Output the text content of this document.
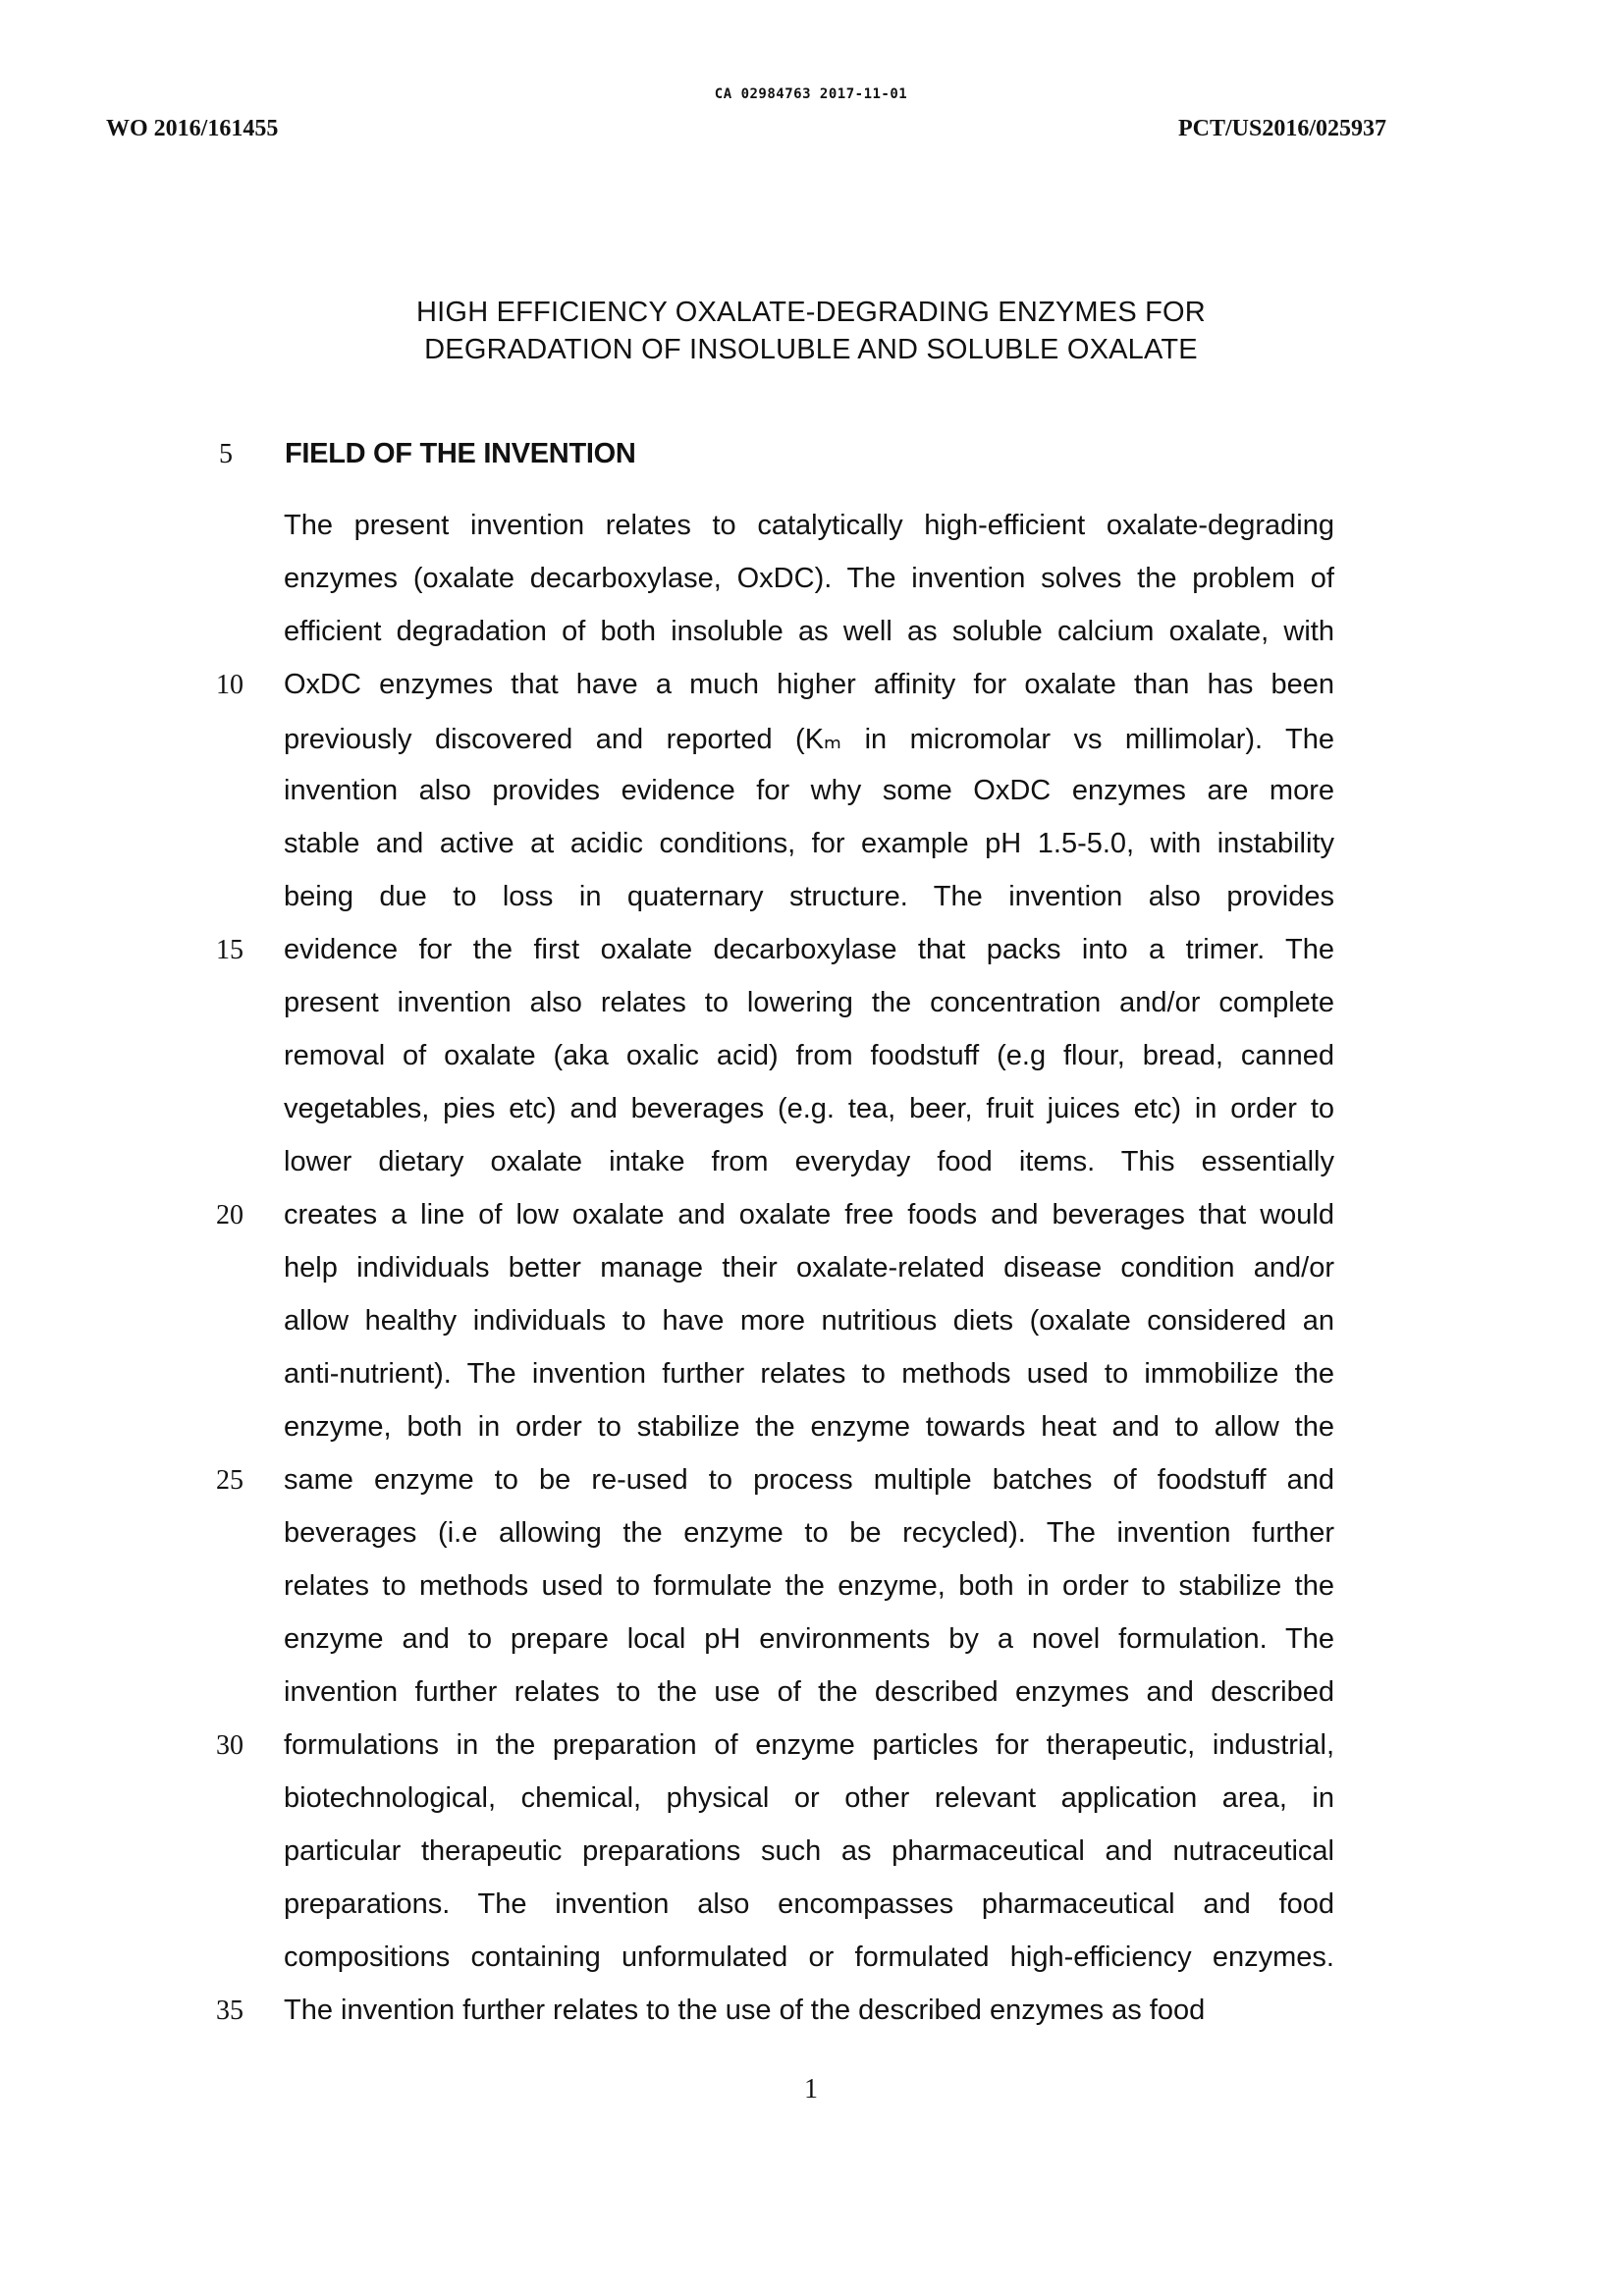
CA 02984763 2017-11-01
WO 2016/161455	PCT/US2016/025937
HIGH EFFICIENCY OXALATE-DEGRADING ENZYMES FOR
DEGRADATION OF INSOLUBLE AND SOLUBLE OXALATE
5 FIELD OF THE INVENTION
The present invention relates to catalytically high-efficient oxalate-degrading
enzymes (oxalate decarboxylase, OxDC). The invention solves the problem of
efficient degradation of both insoluble as well as soluble calcium oxalate, with
OxDC enzymes that have a much higher affinity for oxalate than has been
previously discovered and reported (Kₘ in micromolar vs millimolar). The
invention also provides evidence for why some OxDC enzymes are more
stable and active at acidic conditions, for example pH 1.5-5.0, with instability
being due to loss in quaternary structure. The invention also provides
evidence for the first oxalate decarboxylase that packs into a trimer. The
present invention also relates to lowering the concentration and/or complete
removal of oxalate (aka oxalic acid) from foodstuff (e.g flour, bread, canned
vegetables, pies etc) and beverages (e.g. tea, beer, fruit juices etc) in order to
lower dietary oxalate intake from everyday food items. This essentially
creates a line of low oxalate and oxalate free foods and beverages that would
help individuals better manage their oxalate-related disease condition and/or
allow healthy individuals to have more nutritious diets (oxalate considered an
anti-nutrient). The invention further relates to methods used to immobilize the
enzyme, both in order to stabilize the enzyme towards heat and to allow the
same enzyme to be re-used to process multiple batches of foodstuff and
beverages (i.e allowing the enzyme to be recycled). The invention further
relates to methods used to formulate the enzyme, both in order to stabilize the
enzyme and to prepare local pH environments by a novel formulation. The
invention further relates to the use of the described enzymes and described
formulations in the preparation of enzyme particles for therapeutic, industrial,
biotechnological, chemical, physical or other relevant application area, in
particular therapeutic preparations such as pharmaceutical and nutraceutical
preparations. The invention also encompasses pharmaceutical and food
compositions containing unformulated or formulated high-efficiency enzymes.
The invention further relates to the use of the described enzymes as food
10
15
20
25
30
35
1
